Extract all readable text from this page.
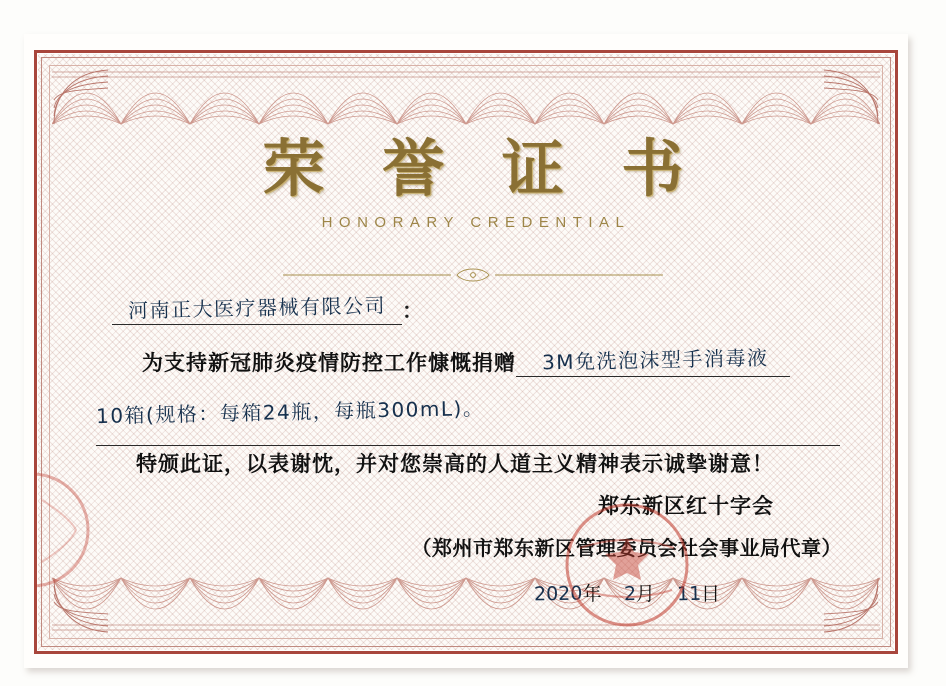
荣 誉 证 书
HONORARY CREDENTIAL
河南正大医疗器械有限公司 ：
为支持新冠肺炎疫情防控工作慷慨捐赠 3M免洗泡沫型手消毒液
10箱(规格：每箱24瓶，每瓶300mL)。
特颁此证，以表谢忱，并对您崇高的人道主义精神表示诚挚谢意！
郑东新区红十字会
（郑州市郑东新区管理委员会社会事业局代章）
2020年 2月 11日
